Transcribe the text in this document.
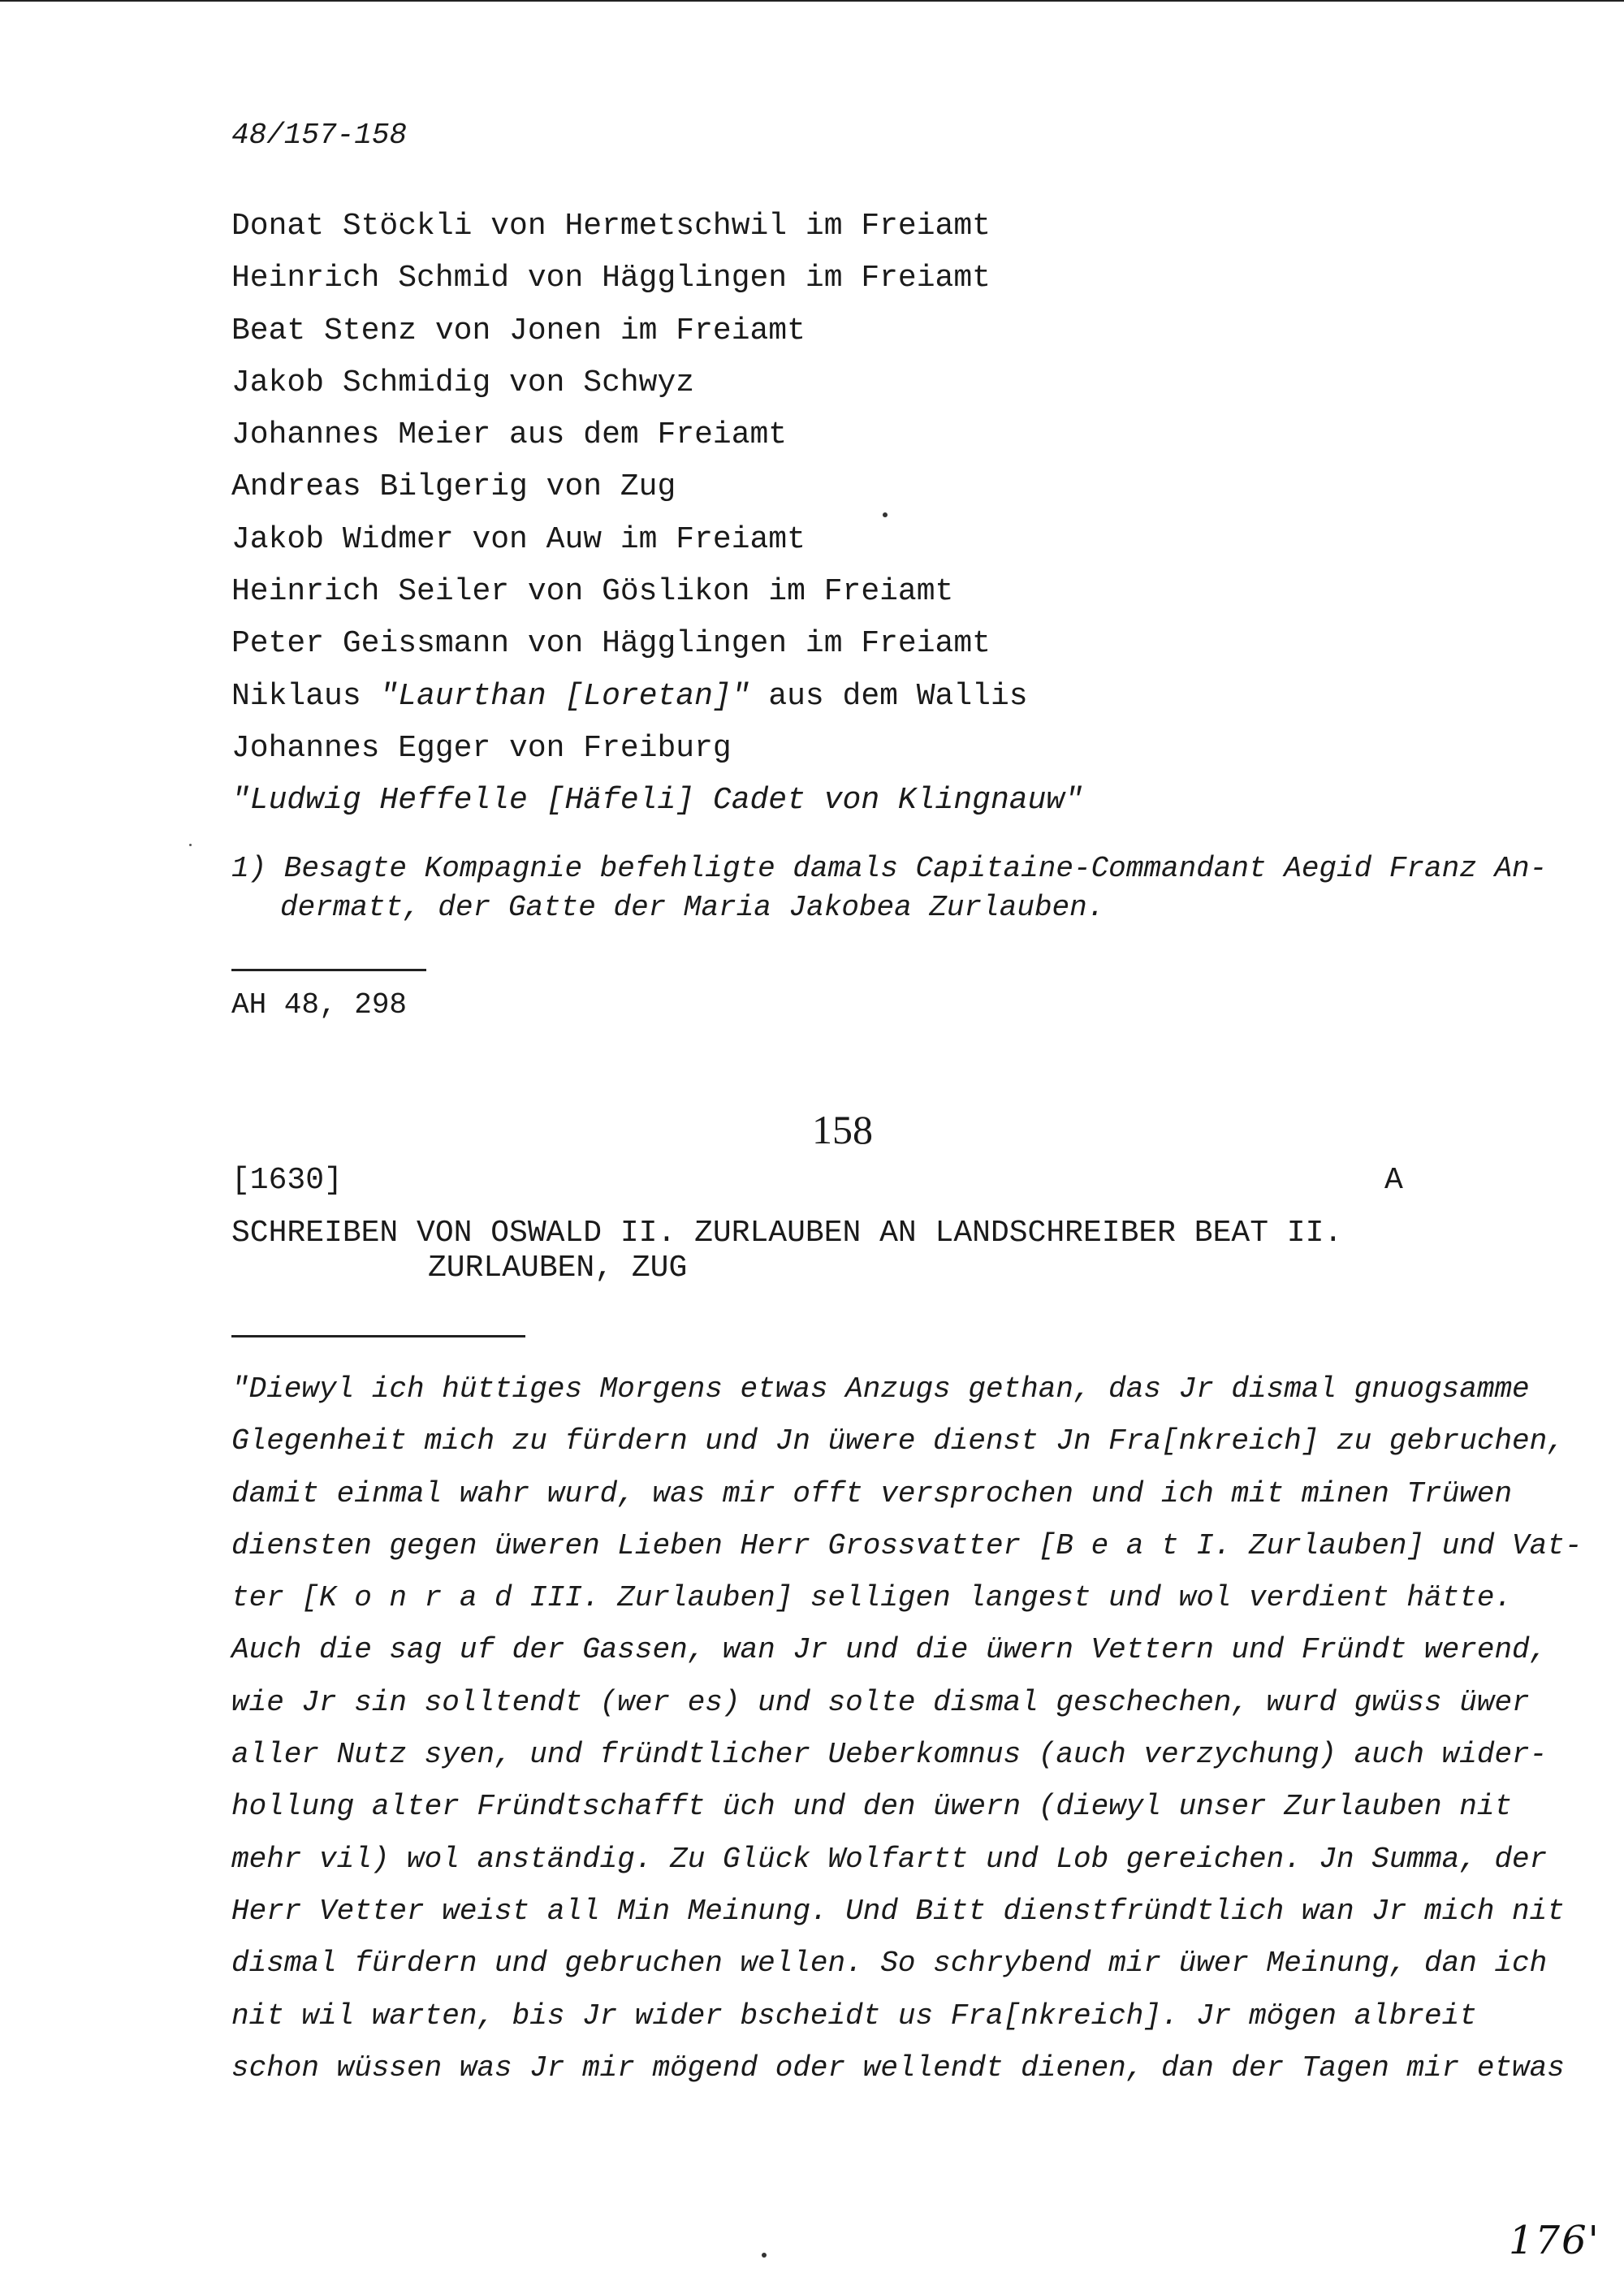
48/157-158
Donat Stöckli von Hermetschwil im Freiamt
Heinrich Schmid von Hägglingen im Freiamt
Beat Stenz von Jonen im Freiamt
Jakob Schmidig von Schwyz
Johannes Meier aus dem Freiamt
Andreas Bilgerig von Zug
Jakob Widmer von Auw im Freiamt
Heinrich Seiler von Göslikon im Freiamt
Peter Geissmann von Hägglingen im Freiamt
Niklaus "Laurthan [Loretan]" aus dem Wallis
Johannes Egger von Freiburg
"Ludwig Heffelle [Häfeli] Cadet von Klingnauw"
1) Besagte Kompagnie befehligte damals Capitaine-Commandant Aegid Franz An-
dermatt, der Gatte der Maria Jakobea Zurlauben.
AH 48, 298
158
[1630]	A
SCHREIBEN VON OSWALD II. ZURLAUBEN AN LANDSCHREIBER BEAT II.
ZURLAUBEN, ZUG
"Diewyl ich hüttiges Morgens etwas Anzugs gethan, das Jr dismal gnuogsamme
Glegenheit mich zu fürdern und Jn üwere dienst Jn Fra[nkreich] zu gebruchen,
damit einmal wahr wurd, was mir offt versprochen und ich mit minen Trüwen
diensten gegen üweren Lieben Herr Grossvatter [B e a t I. Zurlauben] und Vat-
ter [K o n r a d III. Zurlauben] selligen langest und wol verdient hätte.
Auch die sag uf der Gassen, wan Jr und die üwern Vettern und Fründt werend,
wie Jr sin solltendt (wer es) und solte dismal geschechen, wurd gwüss üwer
aller Nutz syen, und fründtlicher Ueberkomnus (auch verzychung) auch wider-
hollung alter Fründtschafft üch und den üwern (diewyl unser Zurlauben nit
mehr vil) wol anständig. Zu Glück Wolfartt und Lob gereichen. Jn Summa, der
Herr Vetter weist all Min Meinung. Und Bitt dienstfründtlich wan Jr mich nit
dismal fürdern und gebruchen wellen. So schrybend mir üwer Meinung, dan ich
nit wil warten, bis Jr wider bscheidt us Fra[nkreich]. Jr mögen albreit
schon wüssen was Jr mir mögend oder wellendt dienen, dan der Tagen mir etwas
176'
